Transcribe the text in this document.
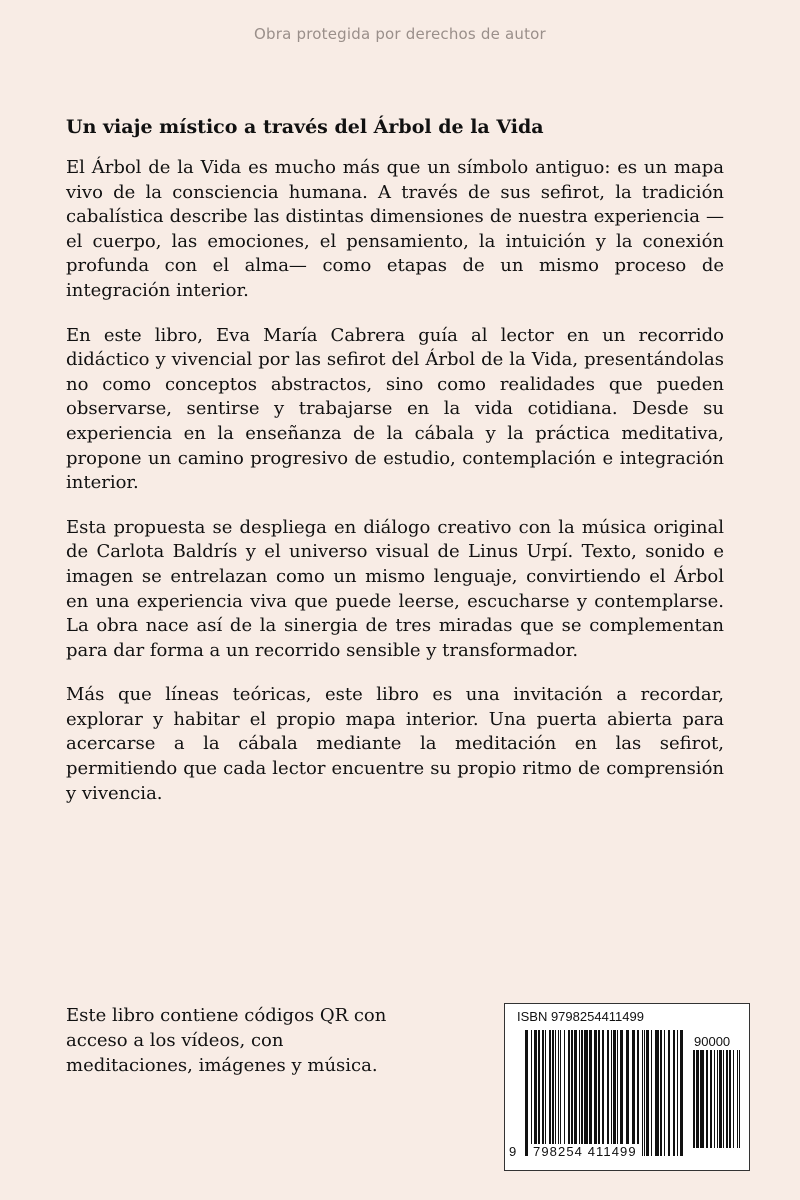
Obra protegida por derechos de autor
Un viaje místico a través del Árbol de la Vida

El Árbol de la Vida es mucho más que un símbolo antiguo: es un mapa vivo de la consciencia humana. A través de sus sefirot, la tradición cabalística describe las distintas dimensiones de nuestra experiencia —el cuerpo, las emociones, el pensamiento, la intuición y la conexión profunda con el alma— como etapas de un mismo proceso de integración interior.

En este libro, Eva María Cabrera guía al lector en un recorrido didáctico y vivencial por las sefirot del Árbol de la Vida, presentándolas no como conceptos abstractos, sino como realidades que pueden observarse, sentirse y trabajarse en la vida cotidiana. Desde su experiencia en la enseñanza de la cábala y la práctica meditativa, propone un camino progresivo de estudio, contemplación e integración interior.

Esta propuesta se despliega en diálogo creativo con la música original de Carlota Baldrís y el universo visual de Linus Urpí. Texto, sonido e imagen se entrelazan como un mismo lenguaje, convirtiendo el Árbol en una experiencia viva que puede leerse, escucharse y contemplarse. La obra nace así de la sinergia de tres miradas que se complementan para dar forma a un recorrido sensible y transformador.

Más que líneas teóricas, este libro es una invitación a recordar, explorar y habitar el propio mapa interior. Una puerta abierta para acercarse a la cábala mediante la meditación en las sefirot, permitiendo que cada lector encuentre su propio ritmo de comprensión y vivencia.

Este libro contiene códigos QR con acceso a los vídeos, con meditaciones, imágenes y música.
ISBN 9798254411499
90000
9 798254 411499
